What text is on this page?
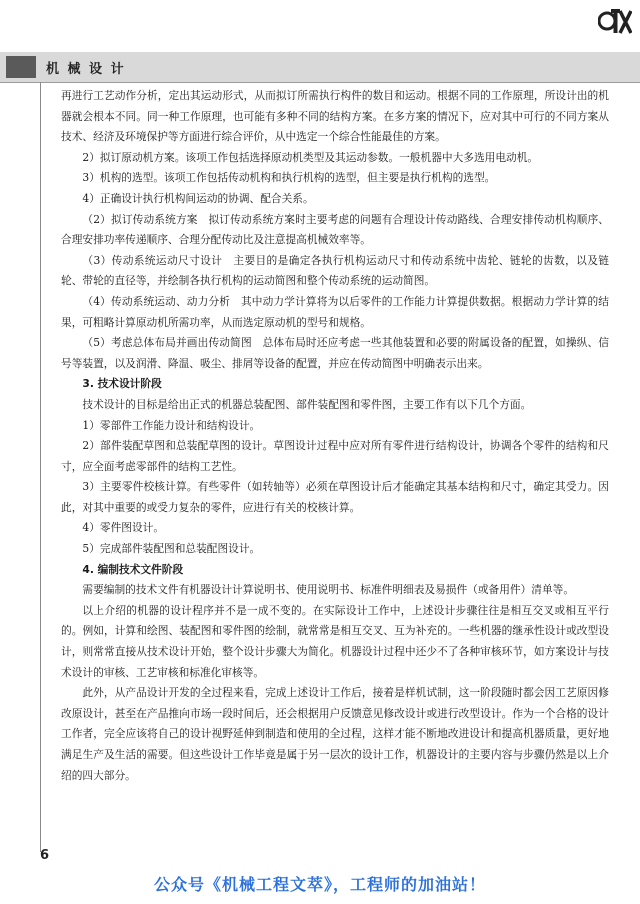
机 械 设 计

再进行工艺动作分析，定出其运动形式，从而拟订所需执行构件的数目和运动。根据不同的工作原理，所设计出的机器就会根本不同。同一种工作原理，也可能有多种不同的结构方案。在多方案的情况下，应对其中可行的不同方案从技术、经济及环境保护等方面进行综合评价，从中选定一个综合性能最佳的方案。

2）拟订原动机方案。该项工作包括选择原动机类型及其运动参数。一般机器中大多选用电动机。

3）机构的选型。该项工作包括传动机构和执行机构的选型，但主要是执行机构的选型。

4）正确设计执行机构间运动的协调、配合关系。

（2）拟订传动系统方案　拟订传动系统方案时主要考虑的问题有合理设计传动路线、合理安排传动机构顺序、合理安排功率传递顺序、合理分配传动比及注意提高机械效率等。

（3）传动系统运动尺寸设计　主要目的是确定各执行机构运动尺寸和传动系统中齿轮、链轮的齿数，以及链轮、带轮的直径等，并绘制各执行机构的运动简图和整个传动系统的运动简图。

（4）传动系统运动、动力分析　其中动力学计算将为以后零件的工作能力计算提供数据。根据动力学计算的结果，可粗略计算原动机所需功率，从而选定原动机的型号和规格。

（5）考虑总体布局并画出传动简图　总体布局时还应考虑一些其他装置和必要的附属设备的配置，如操纵、信号等装置，以及润滑、降温、吸尘、排屑等设备的配置，并应在传动简图中明确表示出来。

3. 技术设计阶段

技术设计的目标是给出正式的机器总装配图、部件装配图和零件图，主要工作有以下几个方面。

1）零部件工作能力设计和结构设计。

2）部件装配草图和总装配草图的设计。草图设计过程中应对所有零件进行结构设计，协调各个零件的结构和尺寸，应全面考虑零部件的结构工艺性。

3）主要零件校核计算。有些零件（如转轴等）必须在草图设计后才能确定其基本结构和尺寸，确定其受力。因此，对其中重要的或受力复杂的零件，应进行有关的校核计算。

4）零件图设计。

5）完成部件装配图和总装配图设计。

4. 编制技术文件阶段

需要编制的技术文件有机器设计计算说明书、使用说明书、标准件明细表及易损件（或备用件）清单等。

以上介绍的机器的设计程序并不是一成不变的。在实际设计工作中，上述设计步骤往往是相互交叉或相互平行的。例如，计算和绘图、装配图和零件图的绘制，就常常是相互交叉、互为补充的。一些机器的继承性设计或改型设计，则常常直接从技术设计开始，整个设计步骤大为简化。机器设计过程中还少不了各种审核环节，如方案设计与技术设计的审核、工艺审核和标准化审核等。

此外，从产品设计开发的全过程来看，完成上述设计工作后，接着是样机试制，这一阶段随时都会因工艺原因修改原设计，甚至在产品推向市场一段时间后，还会根据用户反馈意见修改设计或进行改型设计。作为一个合格的设计工作者，完全应该将自己的设计视野延伸到制造和使用的全过程，这样才能不断地改进设计和提高机器质量，更好地满足生产及生活的需要。但这些设计工作毕竟是属于另一层次的设计工作，机器设计的主要内容与步骤仍然是以上介绍的四大部分。

6
公众号《机械工程文萃》，工程师的加油站！
